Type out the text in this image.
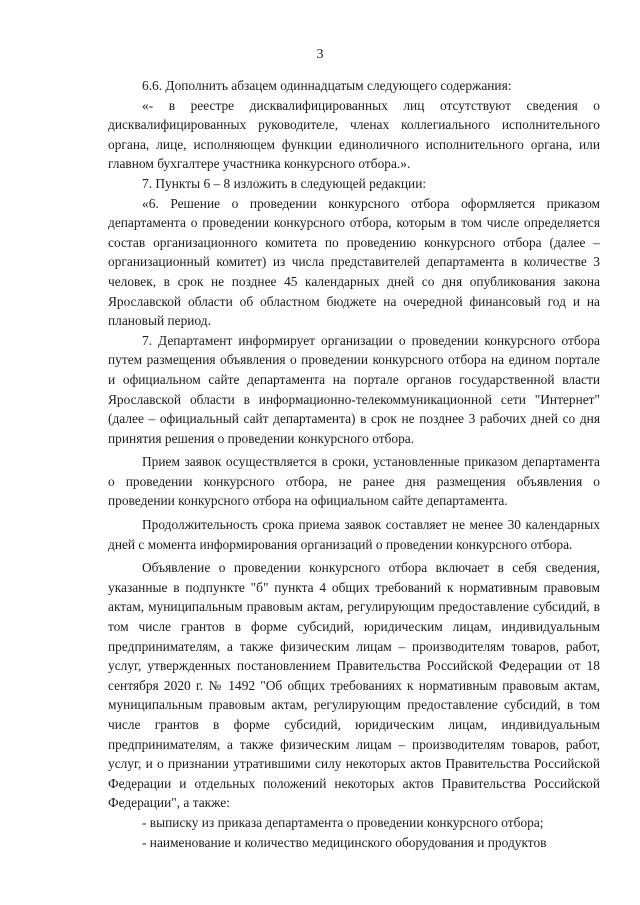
3

6.6. Дополнить абзацем одиннадцатым следующего содержания:

«- в реестре дисквалифицированных лиц отсутствуют сведения о дисквалифицированных руководителе, членах коллегиального исполнительного органа, лице, исполняющем функции единоличного исполнительного органа, или главном бухгалтере участника конкурсного отбора.».

7. Пункты 6 – 8 изложить в следующей редакции:

«6. Решение о проведении конкурсного отбора оформляется приказом департамента о проведении конкурсного отбора, которым в том числе определяется состав организационного комитета по проведению конкурсного отбора (далее – организационный комитет) из числа представителей департамента в количестве 3 человек, в срок не позднее 45 календарных дней со дня опубликования закона Ярославской области об областном бюджете на очередной финансовый год и на плановый период.

7. Департамент информирует организации о проведении конкурсного отбора путем размещения объявления о проведении конкурсного отбора на едином портале и официальном сайте департамента на портале органов государственной власти Ярославской области в информационно-телекоммуникационной сети "Интернет" (далее – официальный сайт департамента) в срок не позднее 3 рабочих дней со дня принятия решения о проведении конкурсного отбора.

Прием заявок осуществляется в сроки, установленные приказом департамента о проведении конкурсного отбора, не ранее дня размещения объявления о проведении конкурсного отбора на официальном сайте департамента.

Продолжительность срока приема заявок составляет не менее 30 календарных дней с момента информирования организаций о проведении конкурсного отбора.

Объявление о проведении конкурсного отбора включает в себя сведения, указанные в подпункте "б" пункта 4 общих требований к нормативным правовым актам, муниципальным правовым актам, регулирующим предоставление субсидий, в том числе грантов в форме субсидий, юридическим лицам, индивидуальным предпринимателям, а также физическим лицам – производителям товаров, работ, услуг, утвержденных постановлением Правительства Российской Федерации от 18 сентября 2020 г. № 1492 "Об общих требованиях к нормативным правовым актам, муниципальным правовым актам, регулирующим предоставление субсидий, в том числе грантов в форме субсидий, юридическим лицам, индивидуальным предпринимателям, а также физическим лицам – производителям товаров, работ, услуг, и о признании утратившими силу некоторых актов Правительства Российской Федерации и отдельных положений некоторых актов Правительства Российской Федерации", а также:

- выписку из приказа департамента о проведении конкурсного отбора;

- наименование и количество медицинского оборудования и продуктов
